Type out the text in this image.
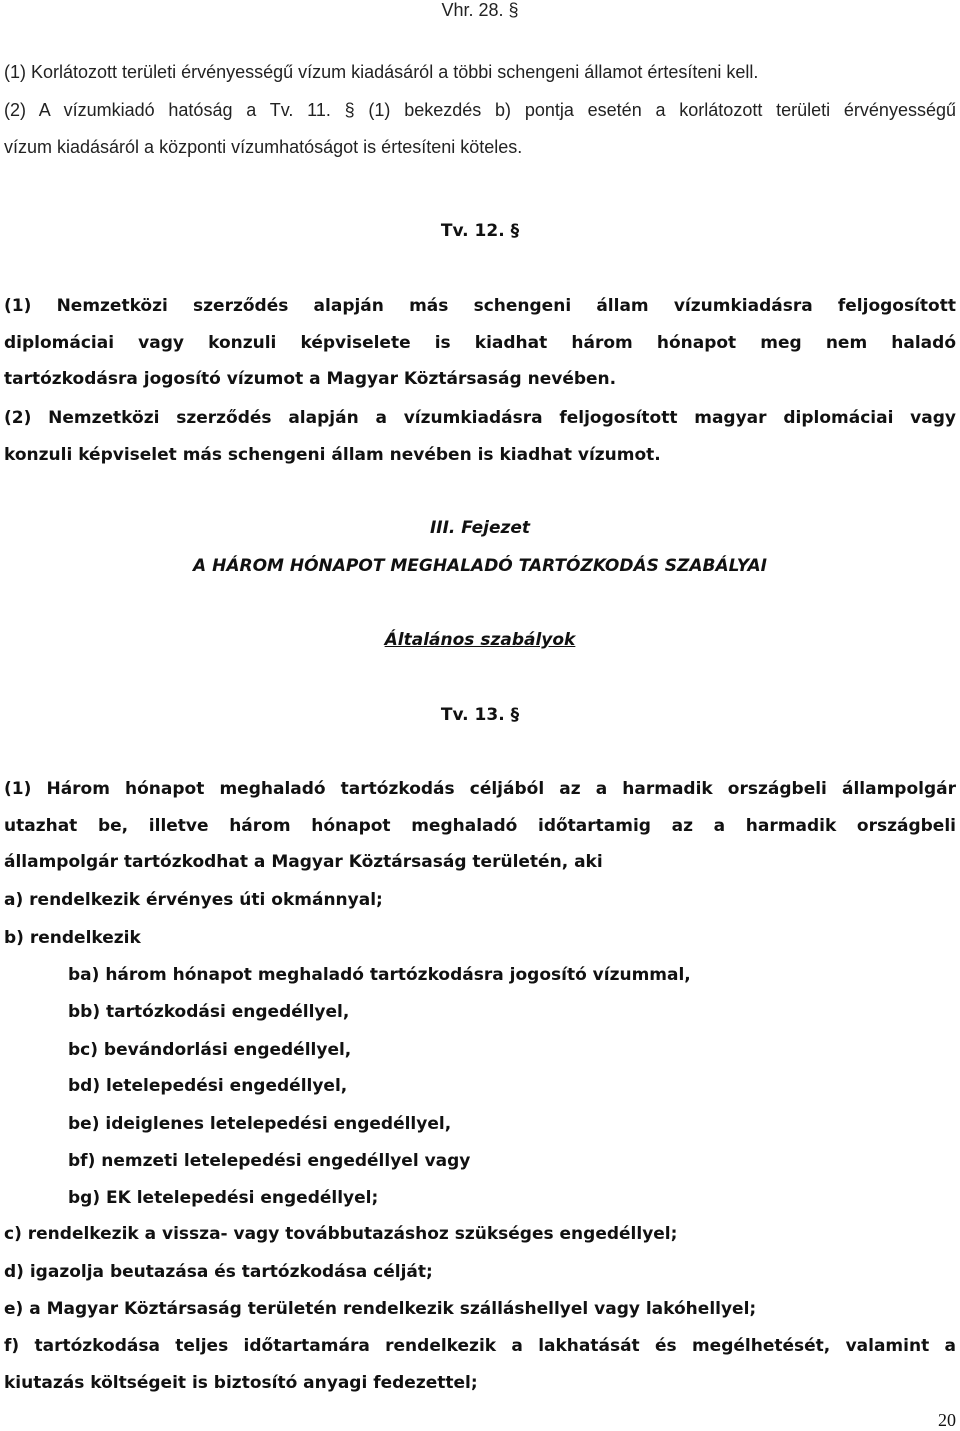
Vhr. 28. §
(1) Korlátozott területi érvényességű vízum kiadásáról a többi schengeni államot értesíteni kell.
(2) A vízumkiadó hatóság a Tv. 11. § (1) bekezdés b) pontja esetén a korlátozott területi érvényességű
vízum kiadásáról a központi vízumhatóságot is értesíteni köteles.
Tv. 12. §
(1) Nemzetközi szerződés alapján más schengeni állam vízumkiadásra feljogosított
diplomáciai vagy konzuli képviselete is kiadhat három hónapot meg nem haladó
tartózkodásra jogosító vízumot a Magyar Köztársaság nevében.
(2) Nemzetközi szerződés alapján a vízumkiadásra feljogosított magyar diplomáciai vagy
konzuli képviselet más schengeni állam nevében is kiadhat vízumot.
III. Fejezet
A HÁROM HÓNAPOT MEGHALADÓ TARTÓZKODÁS SZABÁLYAI
Általános szabályok
Tv. 13. §
(1) Három hónapot meghaladó tartózkodás céljából az a harmadik országbeli állampolgár
utazhat be, illetve három hónapot meghaladó időtartamig az a harmadik országbeli
állampolgár tartózkodhat a Magyar Köztársaság területén, aki
a) rendelkezik érvényes úti okmánnyal;
b) rendelkezik
ba) három hónapot meghaladó tartózkodásra jogosító vízummal,
bb) tartózkodási engedéllyel,
bc) bevándorlási engedéllyel,
bd) letelepedési engedéllyel,
be) ideiglenes letelepedési engedéllyel,
bf) nemzeti letelepedési engedéllyel vagy
bg) EK letelepedési engedéllyel;
c) rendelkezik a vissza- vagy továbbutazáshoz szükséges engedéllyel;
d) igazolja beutazása és tartózkodása célját;
e) a Magyar Köztársaság területén rendelkezik szálláshellyel vagy lakóhellyel;
f) tartózkodása teljes időtartamára rendelkezik a lakhatását és megélhetését, valamint a
kiutazás költségeit is biztosító anyagi fedezettel;
20
